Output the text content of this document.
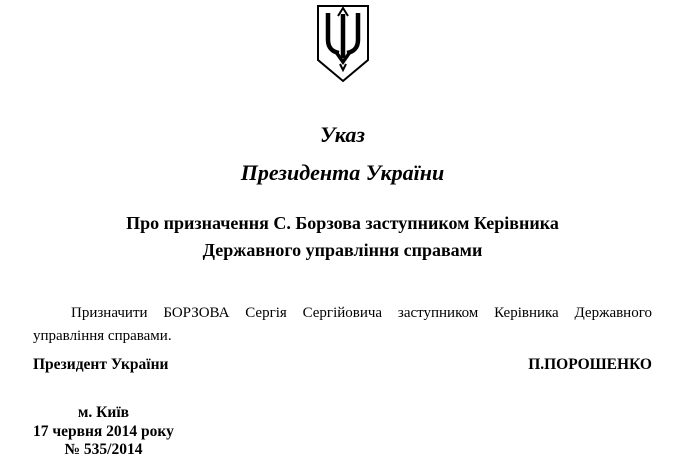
Указ
Президента України
Про призначення С. Борзова заступником Керівника
Державного управління справами

Призначити БОРЗОВА Сергія Сергійовича заступником Керівника Державного управління справами.

Президент України	П.ПОРОШЕНКО
м. Київ
17 червня 2014 року
№ 535/2014
